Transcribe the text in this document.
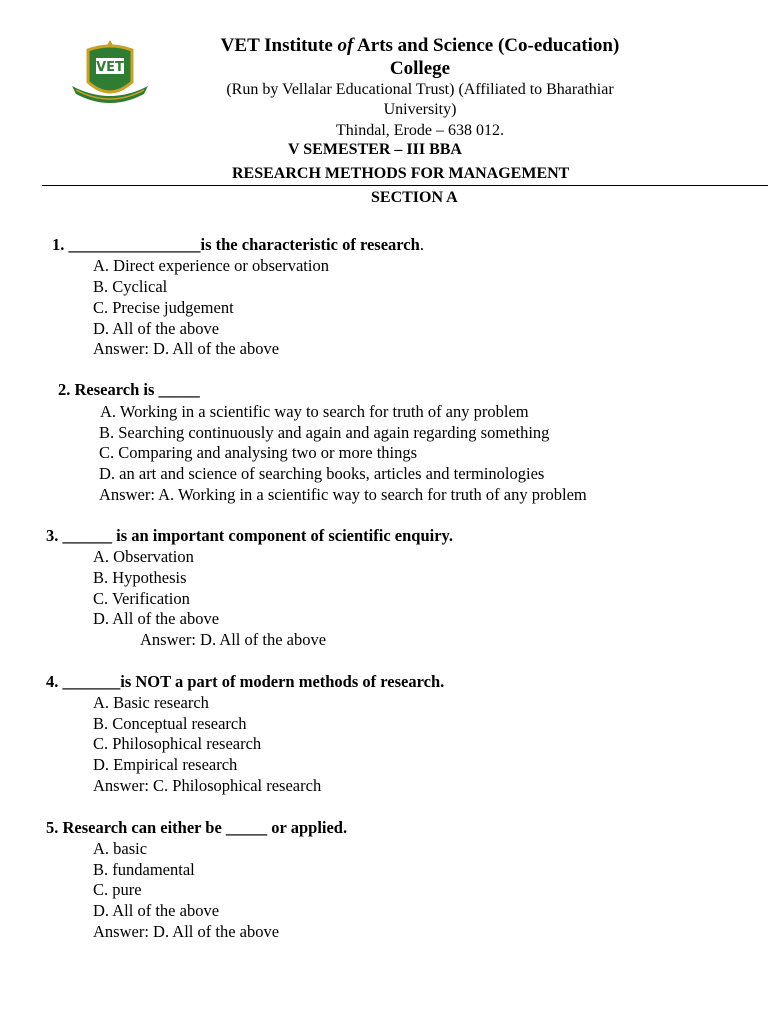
VET
VET Institute of Arts and Science (Co-education)
College
(Run by Vellalar Educational Trust) (Affiliated to Bharathiar
University)
Thindal, Erode – 638 012.
V SEMESTER – III BBA
RESEARCH METHODS FOR MANAGEMENT
SECTION A
1. ________________is the characteristic of research.
A. Direct experience or observation
B. Cyclical
C. Precise judgement
D. All of the above
Answer: D. All of the above
2. Research is _____
A. Working in a scientific way to search for truth of any problem
B. Searching continuously and again and again regarding something
C. Comparing and analysing two or more things
D. an art and science of searching books, articles and terminologies
Answer: A. Working in a scientific way to search for truth of any problem
3. ______ is an important component of scientific enquiry.
A. Observation
B. Hypothesis
C. Verification
D. All of the above
Answer: D. All of the above
4. _______is NOT a part of modern methods of research.
A. Basic research
B. Conceptual research
C. Philosophical research
D. Empirical research
Answer: C. Philosophical research
5. Research can either be _____ or applied.
A. basic
B. fundamental
C. pure
D. All of the above
Answer: D. All of the above
